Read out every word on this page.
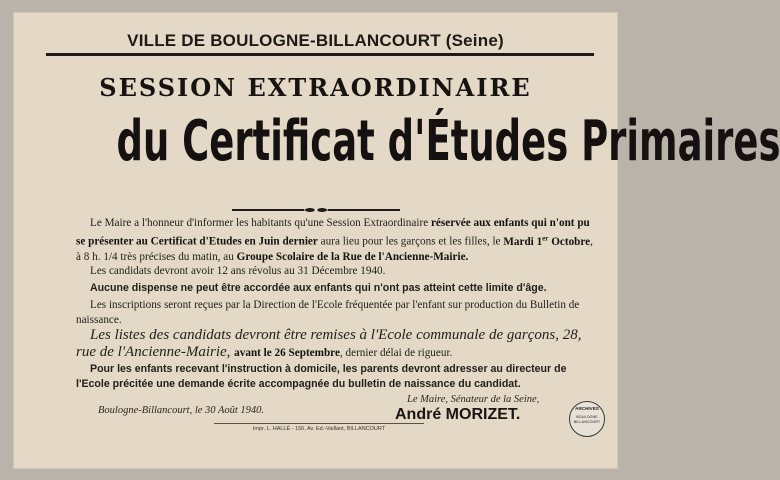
VILLE DE BOULOGNE-BILLANCOURT (Seine)
SESSION EXTRAORDINAIRE
du Certificat d'Études Primaires
Le Maire a l'honneur d'informer les habitants qu'une Session Extraordinaire réservée aux enfants qui n'ont pu se présenter au Certificat d'Etudes en Juin dernier aura lieu pour les garçons et les filles, le Mardi 1er Octobre, à 8 h. 1/4 très précises du matin, au Groupe Scolaire de la Rue de l'Ancienne-Mairie.
Les candidats devront avoir 12 ans révolus au 31 Décembre 1940.
Aucune dispense ne peut être accordée aux enfants qui n'ont pas atteint cette limite d'âge.
Les inscriptions seront reçues par la Direction de l'Ecole fréquentée par l'enfant sur production du Bulletin de naissance.
Les listes des candidats devront être remises à l'Ecole communale de garçons, 28, rue de l'Ancienne-Mairie, avant le 26 Septembre, dernier délai de rigueur.
Pour les enfants recevant l'instruction à domicile, les parents devront adresser au directeur de l'Ecole précitée une demande écrite accompagnée du bulletin de naissance du candidat.
Boulogne-Billancourt, le 30 Août 1940.
Le Maire, Sénateur de la Seine,
André MORIZET.
Impr. L. HALLÉ - 156, Av. Ed.-Vaillant, BILLANCOURT
ARCHIVES
BOULOGNE
BILLANCOURT
